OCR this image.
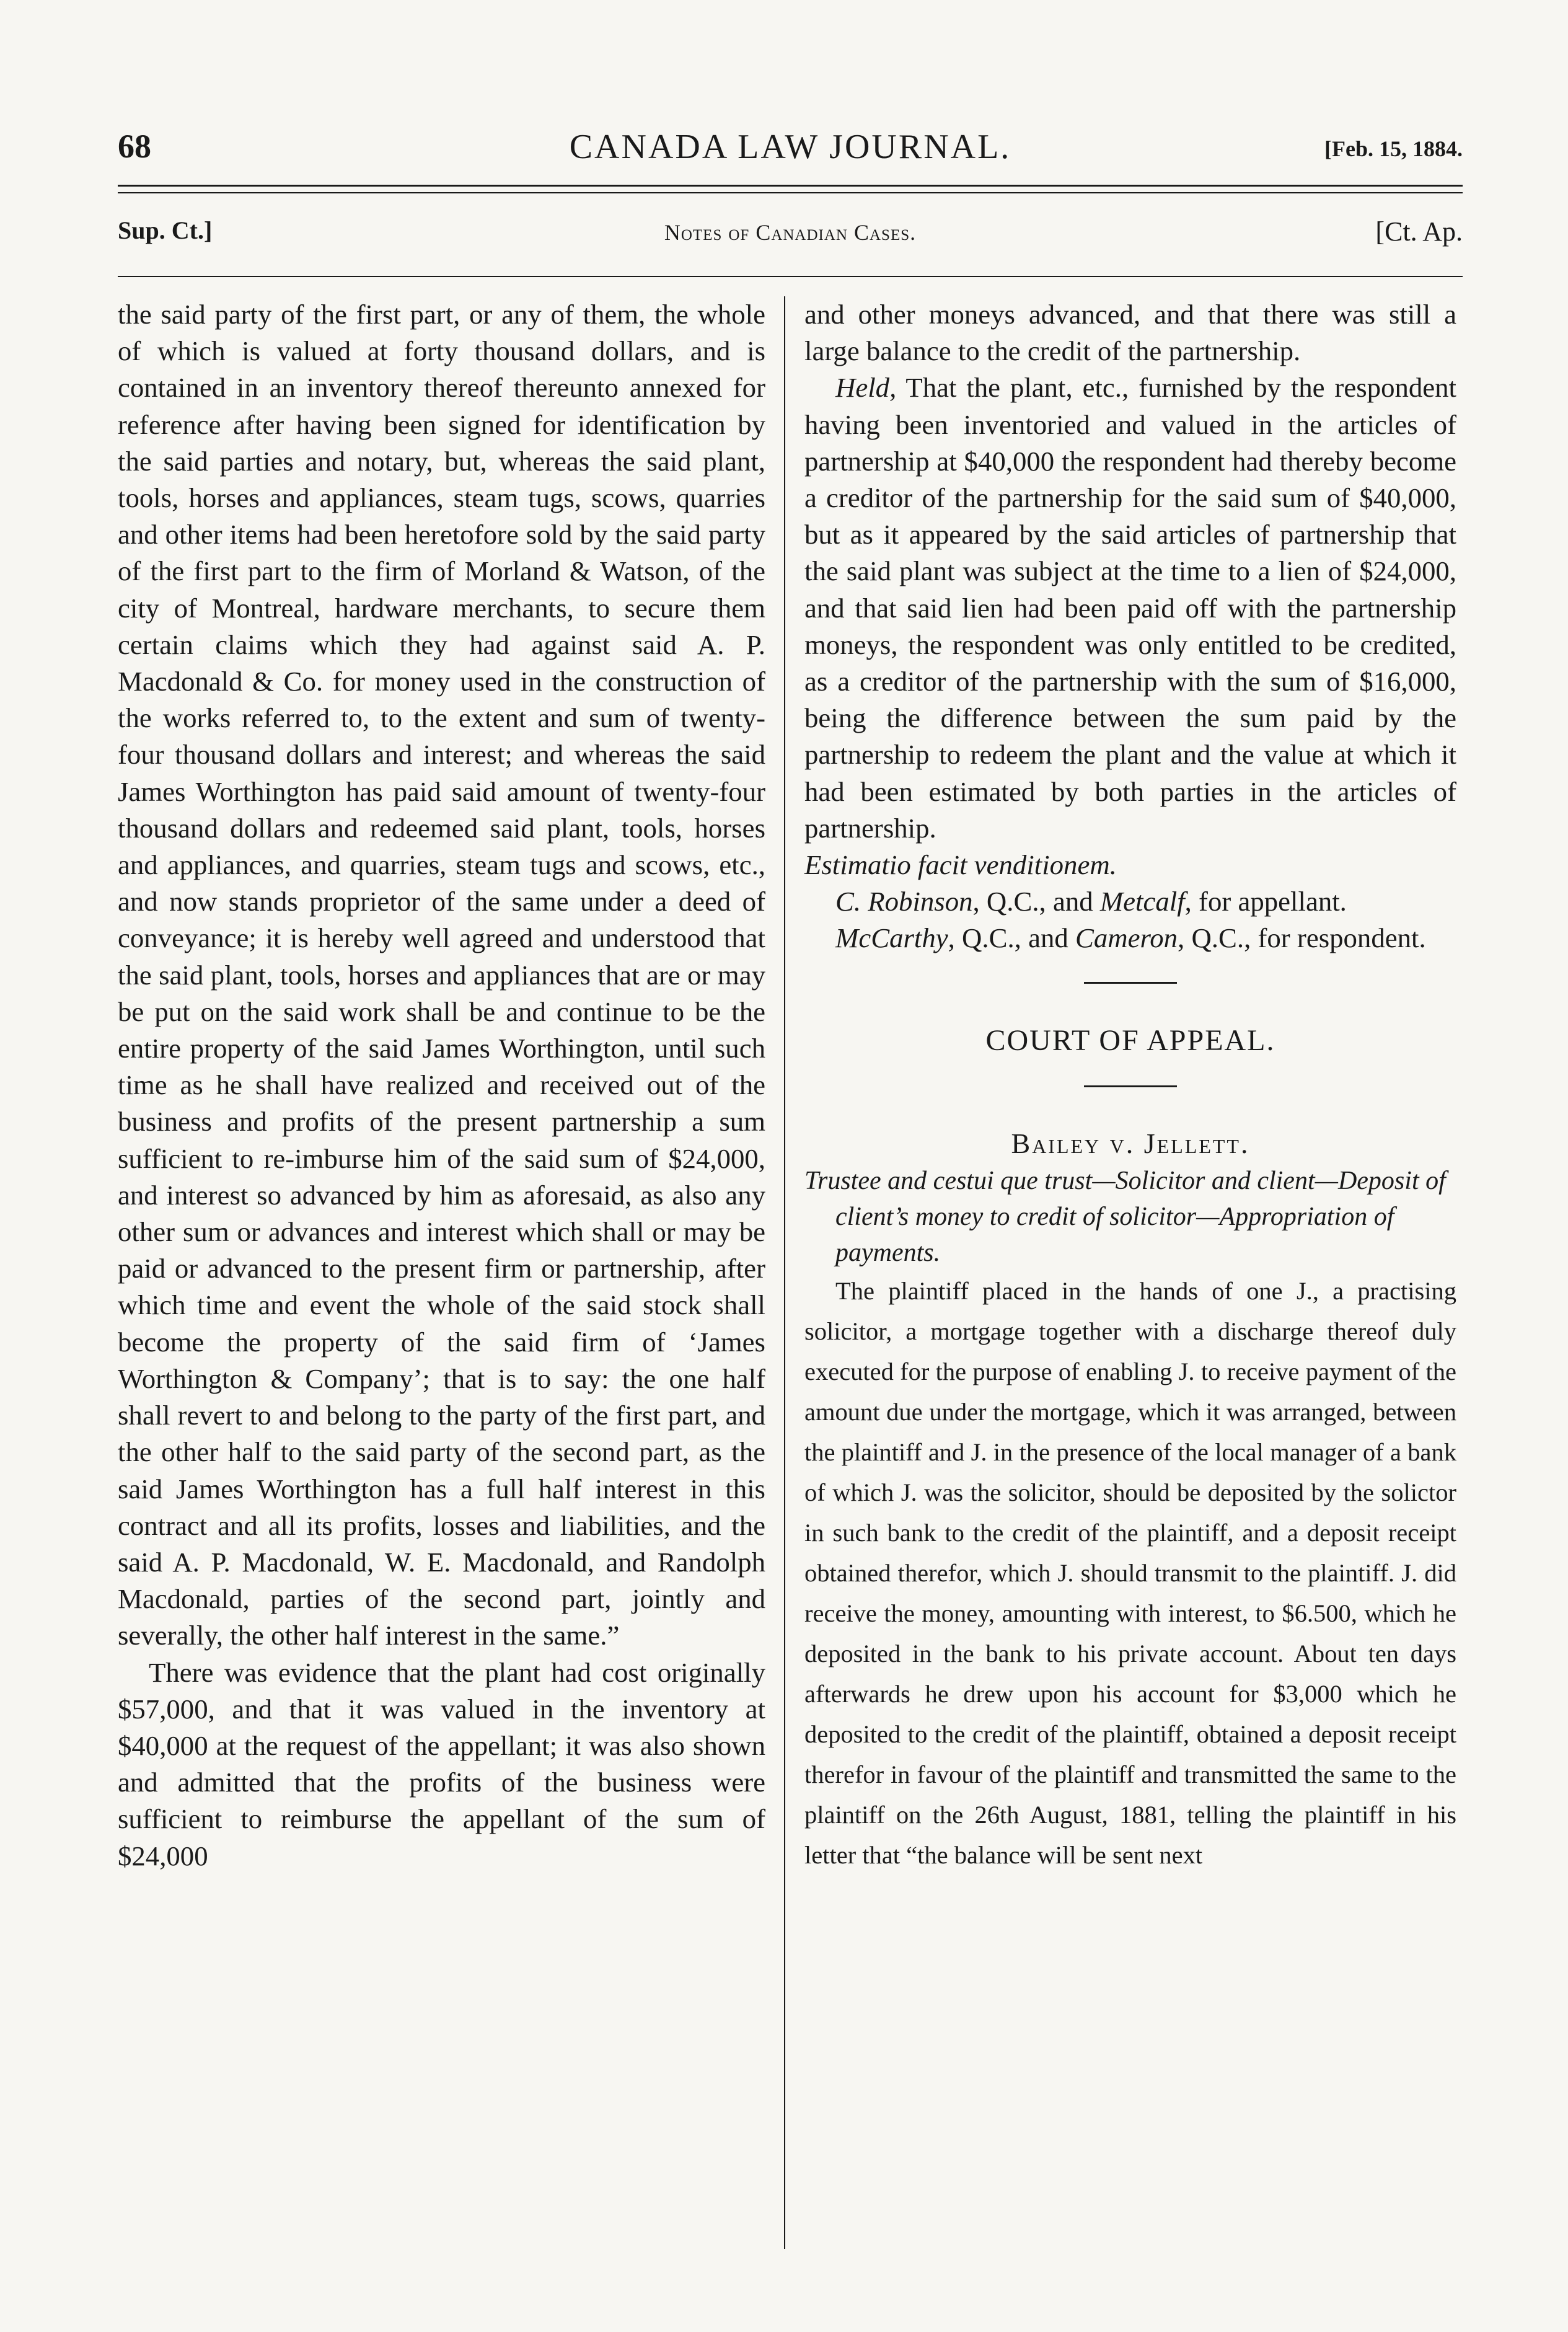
68	CANADA LAW JOURNAL.	[Feb. 15, 1884.
Sup. Ct.]	Notes of Canadian Cases.	[Ct. Ap.

the said party of the first part, or any of them, the whole of which is valued at forty thousand dollars, and is contained in an inventory thereof thereunto annexed for reference after having been signed for identification by the said parties and notary, but, whereas the said plant, tools, horses and appliances, steam tugs, scows, quarries and other items had been heretofore sold by the said party of the first part to the firm of Morland & Watson, of the city of Montreal, hardware merchants, to secure them certain claims which they had against said A. P. Macdonald & Co. for money used in the construction of the works referred to, to the extent and sum of twenty-four thousand dollars and interest; and whereas the said James Worthington has paid said amount of twenty-four thousand dollars and redeemed said plant, tools, horses and appliances, and quarries, steam tugs and scows, etc., and now stands proprietor of the same under a deed of conveyance; it is hereby well agreed and understood that the said plant, tools, horses and appliances that are or may be put on the said work shall be and continue to be the entire property of the said James Worthington, until such time as he shall have realized and received out of the business and profits of the present partnership a sum sufficient to re-imburse him of the said sum of $24,000, and interest so advanced by him as aforesaid, as also any other sum or advances and interest which shall or may be paid or advanced to the present firm or partnership, after which time and event the whole of the said stock shall become the property of the said firm of ‘James Worthington & Company’; that is to say: the one half shall revert to and belong to the party of the first part, and the other half to the said party of the second part, as the said James Worthington has a full half interest in this contract and all its profits, losses and liabilities, and the said A. P. Macdonald, W. E. Macdonald, and Randolph Macdonald, parties of the second part, jointly and severally, the other half interest in the same.”

There was evidence that the plant had cost originally $57,000, and that it was valued in the inventory at $40,000 at the request of the appellant; it was also shown and admitted that the profits of the business were sufficient to reimburse the appellant of the sum of $24,000

and other moneys advanced, and that there was still a large balance to the credit of the partnership.

Held, That the plant, etc., furnished by the respondent having been inventoried and valued in the articles of partnership at $40,000 the respondent had thereby become a creditor of the partnership for the said sum of $40,000, but as it appeared by the said articles of partnership that the said plant was subject at the time to a lien of $24,000, and that said lien had been paid off with the partnership moneys, the respondent was only entitled to be credited, as a creditor of the partnership with the sum of $16,000, being the difference between the sum paid by the partnership to redeem the plant and the value at which it had been estimated by both parties in the articles of partnership.

Estimatio facit venditionem.

C. Robinson, Q.C., and Metcalf, for appellant.

McCarthy, Q.C., and Cameron, Q.C., for respondent.

COURT OF APPEAL.
Bailey v. Jellett.

Trustee and cestui que trust—Solicitor and client—Deposit of client’s money to credit of solicitor—Appropriation of payments.

The plaintiff placed in the hands of one J., a practising solicitor, a mortgage together with a discharge thereof duly executed for the purpose of enabling J. to receive payment of the amount due under the mortgage, which it was arranged, between the plaintiff and J. in the presence of the local manager of a bank of which J. was the solicitor, should be deposited by the solictor in such bank to the credit of the plaintiff, and a deposit receipt obtained therefor, which J. should transmit to the plaintiff. J. did receive the money, amounting with interest, to $6.500, which he deposited in the bank to his private account. About ten days afterwards he drew upon his account for $3,000 which he deposited to the credit of the plaintiff, obtained a deposit receipt therefor in favour of the plaintiff and transmitted the same to the plaintiff on the 26th August, 1881, telling the plaintiff in his letter that “the balance will be sent next
